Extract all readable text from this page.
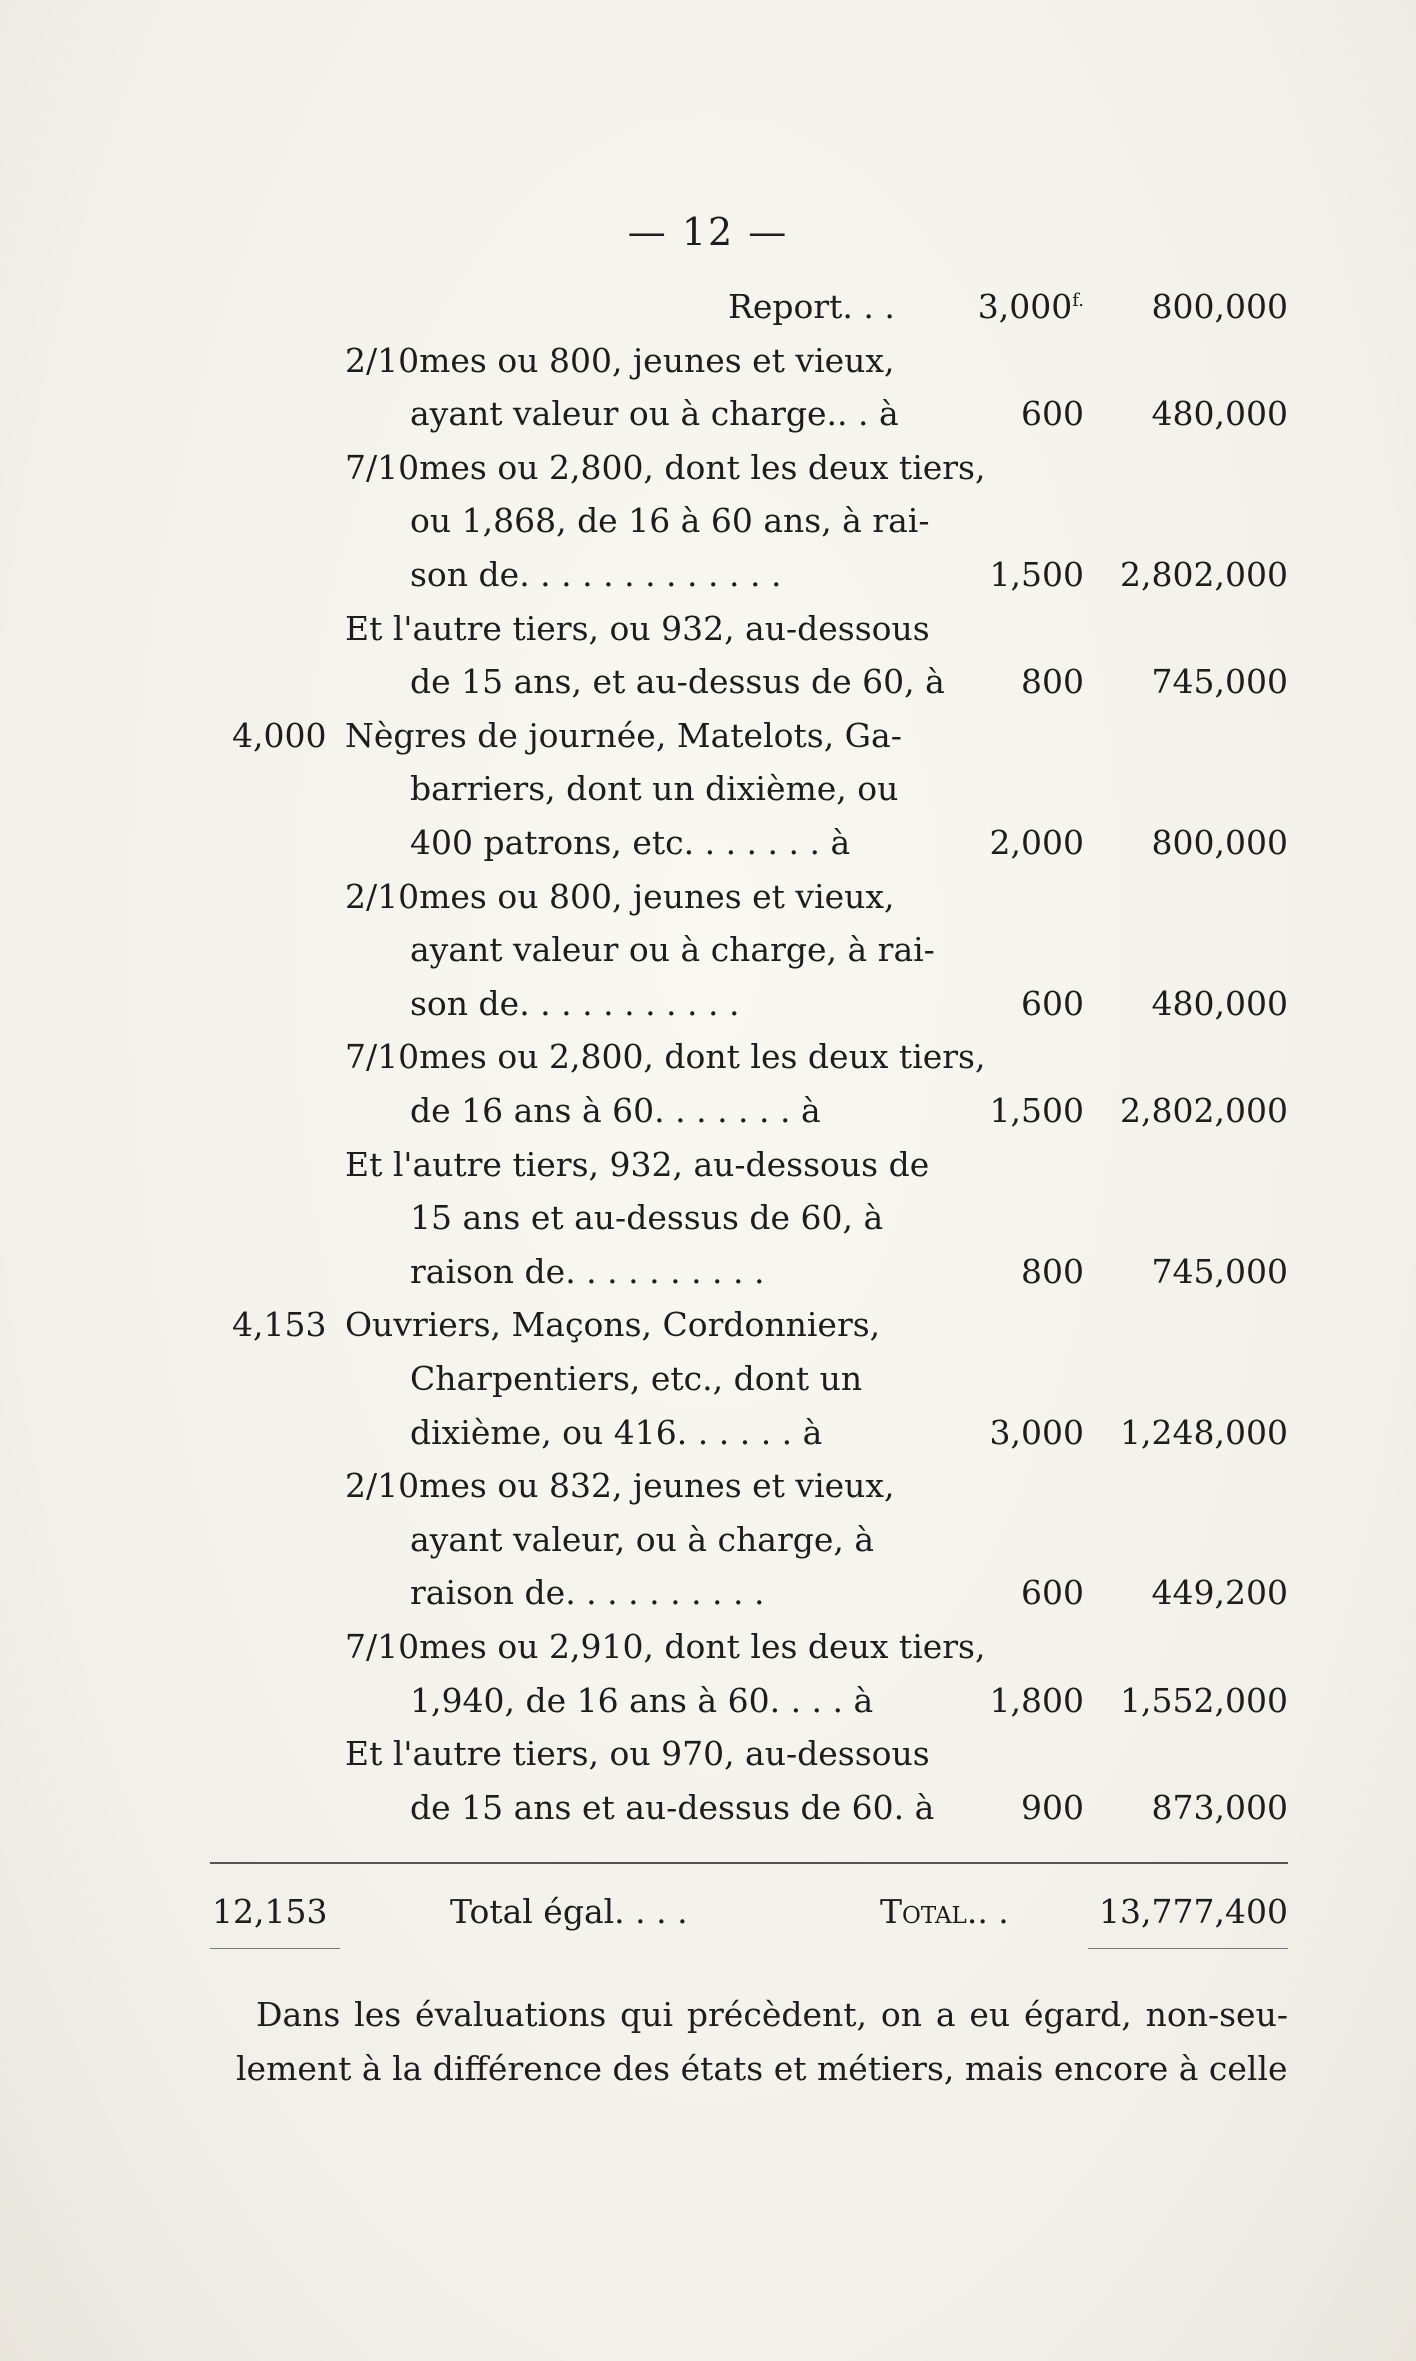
— 12 —
Report. . .	$3,000^{f.}$ 800,000
2/10mes ou 800, jeunes et vieux,
ayant valeur ou à charge.. . à	600 480,000
7/10mes ou 2,800, dont les deux tiers,
ou 1,868, de 16 à 60 ans, à rai-
son de. . . . . . . . . . . . .	1,500 2,802,000
Et l'autre tiers, ou 932, au-dessous
de 15 ans, et au-dessus de 60, à 800 745,000
4,000 Nègres de journée, Matelots, Ga-
barriers, dont un dixième, ou
400 patrons, etc. . . . . . . à	2,000 800,000
2/10mes ou 800, jeunes et vieux,
ayant valeur ou à charge, à rai-
son de. . . . . . . . . . .	600 480,000
7/10mes ou 2,800, dont les deux tiers,
de 16 ans à 60. . . . . . . à	1,500 2,802,000
Et l'autre tiers, 932, au-dessous de
15 ans et au-dessus de 60, à
raison de. . . . . . . . . .	800 745,000
4,153 Ouvriers, Maçons, Cordonniers,
Charpentiers, etc., dont un
dixième, ou 416. . . . . . à	3,000 1,248,000
2/10mes ou 832, jeunes et vieux,
ayant valeur, ou à charge, à
raison de. . . . . . . . . .	600 449,200
7/10mes ou 2,910, dont les deux tiers,
1,940, de 16 ans à 60. . . . à	1,800 1,552,000
Et l'autre tiers, ou 970, au-dessous
de 15 ans et au-dessus de 60. à	900 873,000
12,153	Total égal. . . .	Total.. .	13,777,400
Dans les évaluations qui précèdent, on a eu égard, non-seu-
lement à la différence des états et métiers, mais encore à celle
